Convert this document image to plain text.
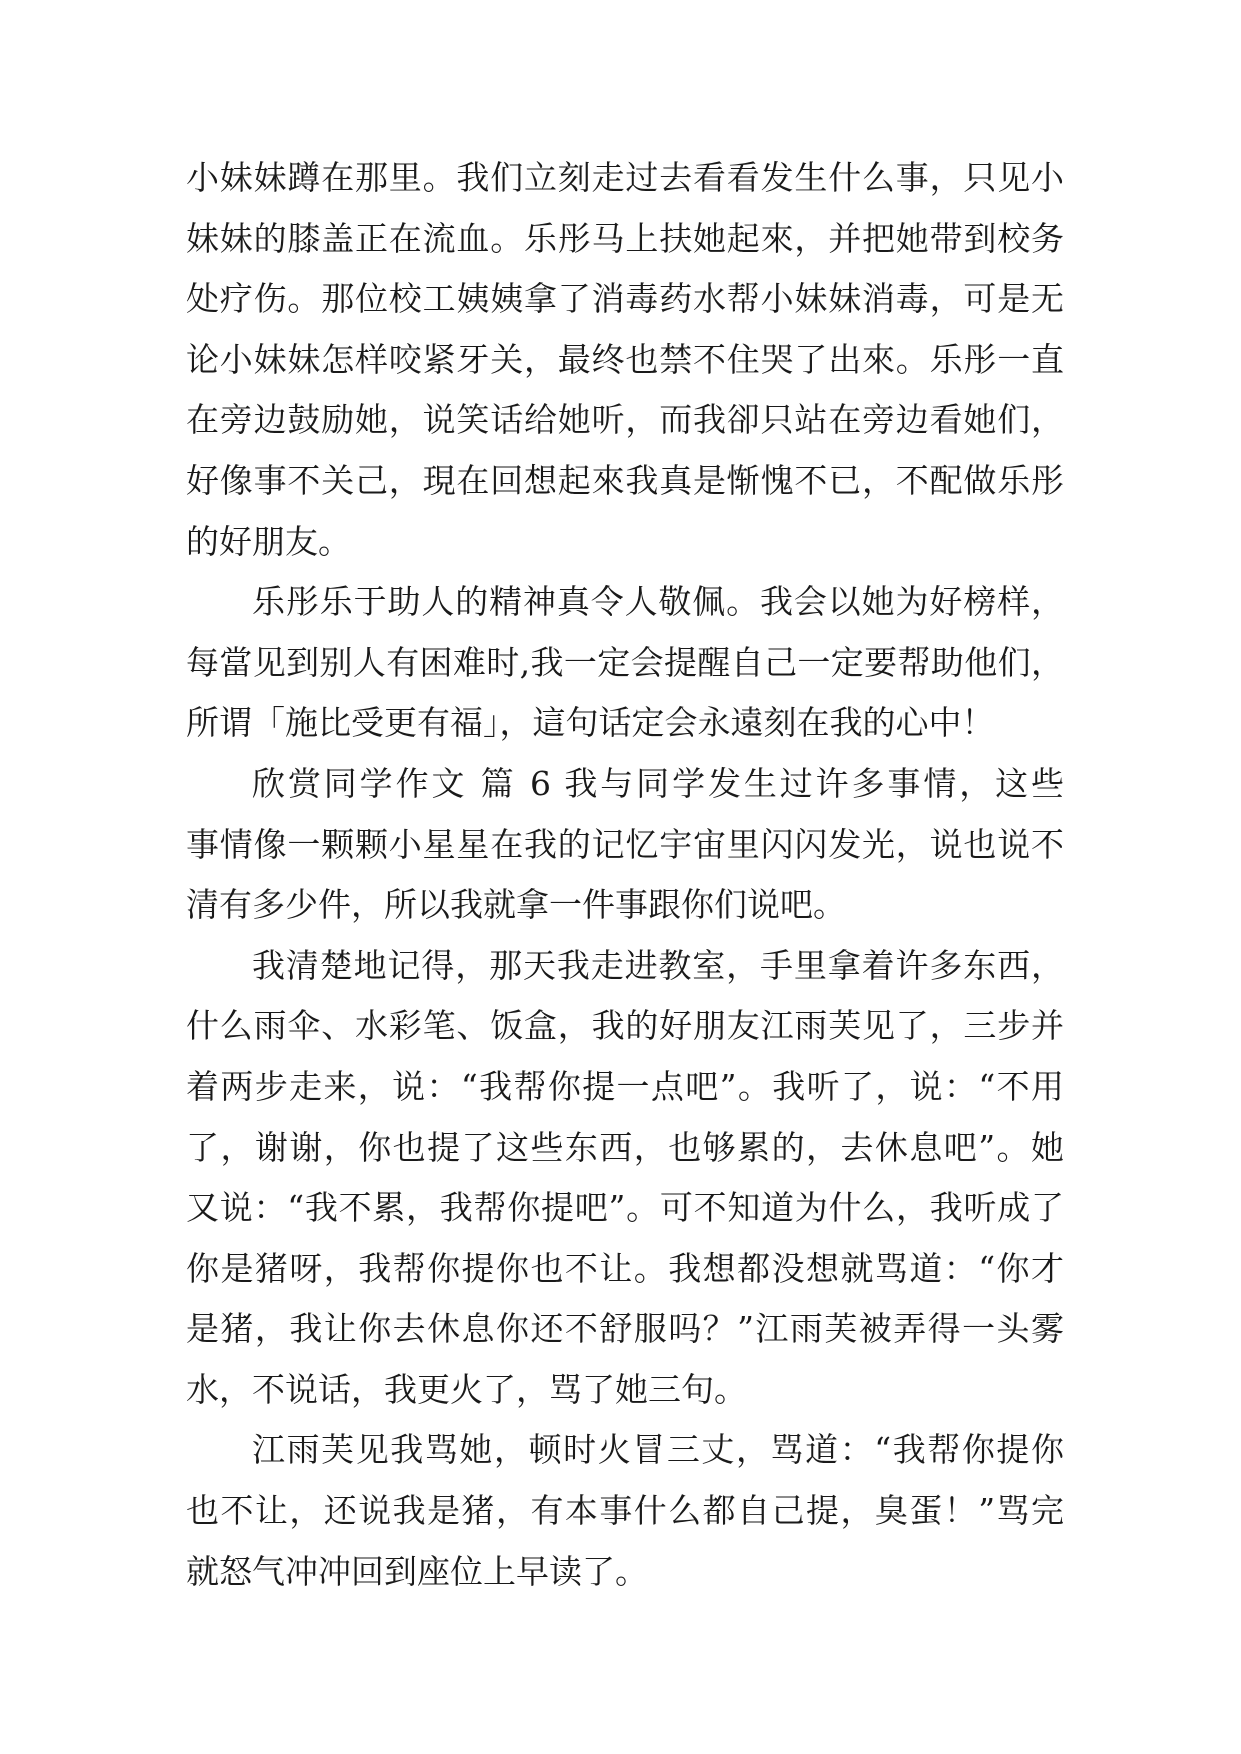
小妹妹蹲在那里。我们立刻走过去看看发生什么事，只见小
妹妹的膝盖正在流血。乐彤马上扶她起來，并把她带到校务
处疗伤。那位校工姨姨拿了消毒药水帮小妹妹消毒，可是无
论小妹妹怎样咬紧牙关，最终也禁不住哭了出來。乐彤一直
在旁边鼓励她，说笑话给她听，而我卻只站在旁边看她们，
好像事不关己，現在回想起來我真是惭愧不已，不配做乐彤
的好朋友。
乐彤乐于助人的精神真令人敬佩。我会以她为好榜样，
每當见到别人有困难时,我一定会提醒自己一定要帮助他们，
所谓「施比受更有福」，這句话定会永遠刻在我的心中！
欣赏同学作文 篇 6 我与同学发生过许多事情，这些
事情像一颗颗小星星在我的记忆宇宙里闪闪发光，说也说不
清有多少件，所以我就拿一件事跟你们说吧。
我清楚地记得，那天我走进教室，手里拿着许多东西，
什么雨伞、水彩笔、饭盒，我的好朋友江雨芙见了，三步并
着两步走来，说：“我帮你提一点吧”。我听了，说：“不用
了，谢谢，你也提了这些东西，也够累的，去休息吧”。她
又说：“我不累，我帮你提吧”。可不知道为什么，我听成了
你是猪呀，我帮你提你也不让。我想都没想就骂道：“你才
是猪，我让你去休息你还不舒服吗？”江雨芙被弄得一头雾
水，不说话，我更火了，骂了她三句。
江雨芙见我骂她，顿时火冒三丈，骂道：“我帮你提你
也不让，还说我是猪，有本事什么都自己提，臭蛋！”骂完
就怒气冲冲回到座位上早读了。
